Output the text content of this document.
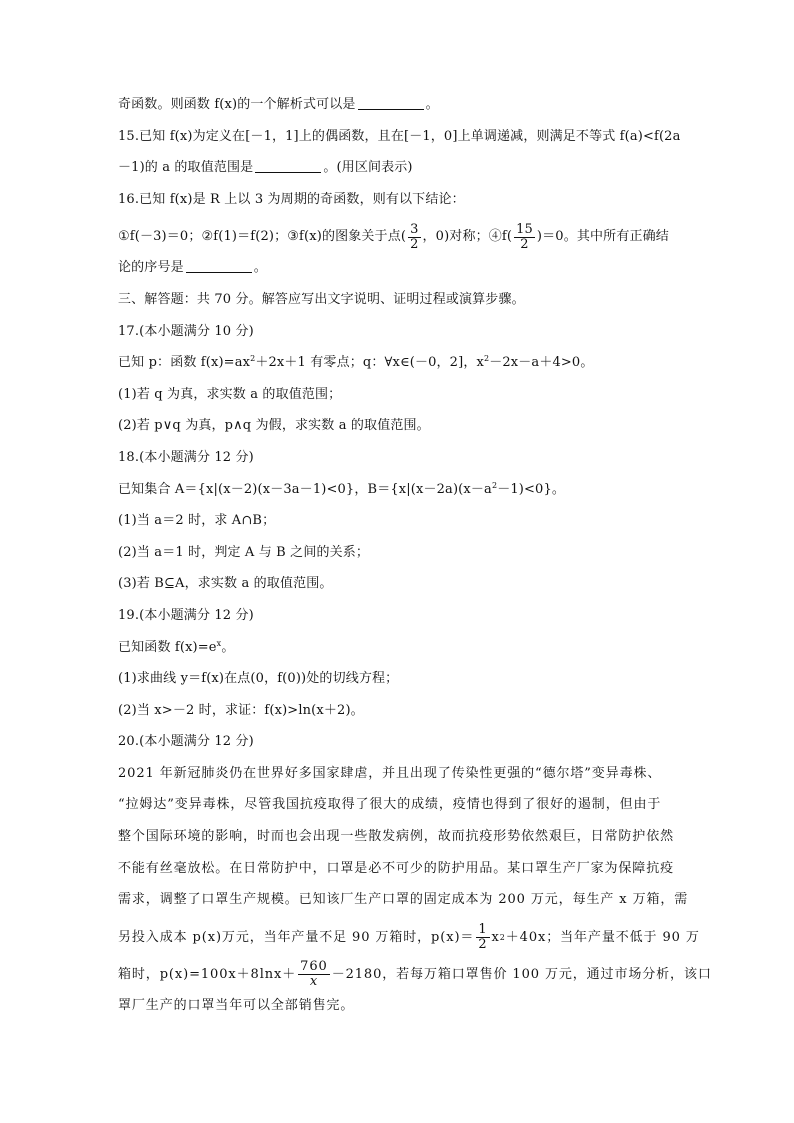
奇函数。则函数 f(x)的一个解析式可以是	。
15.已知 f(x)为定义在[－1，1]上的偶函数，且在[－1，0]上单调递减，则满足不等式 f(a)<f(2a
－1)的 a 的取值范围是	。(用区间表示)
16.已知 f(x)是 R 上以 3 为周期的奇函数，则有以下结论：
①f(－3)＝0；②f(1)＝f(2)；③f(x)的图象关于点( $\frac{3}{2}$ ，0)对称；④f( $\frac{15}{2} )=0$。其中所有正确结
论的序号是	。
三、解答题：共 70 分。解答应写出文字说明、证明过程或演算步骤。
17.(本小题满分 10 分)
已知 p：函数 $f(x)=ax^2+2x+1$ 有零点；q：∀x∈(－0，2]，$x^2-2x-a+4>0$。
(1)若 q 为真，求实数 a 的取值范围；
(2)若 p∨q 为真，p∧q 为假，求实数 a 的取值范围。
18.(本小题满分 12 分)
已知集合 A＝{x|(x－2)(x－3a－1)<0}，$B=\{x|(x-2a)(x-a^2-1)<0\}$。
(1)当 a＝2 时，求 A∩B；
(2)当 a＝1 时，判定 A 与 B 之间的关系；
(3)若 B⊆A，求实数 a 的取值范围。
19.(本小题满分 12 分)
已知函数 $f(x)=e^x$。
(1)求曲线 y＝f(x)在点(0，f(0))处的切线方程；
(2)当 x>－2 时，求证：f(x)>ln(x＋2)。
20.(本小题满分 12 分)
2021 年新冠肺炎仍在世界好多国家肆虐，并且出现了传染性更强的“德尔塔”变异毒株、
“拉姆达”变异毒株，尽管我国抗疫取得了很大的成绩，疫情也得到了很好的遏制，但由于
整个国际环境的影响，时而也会出现一些散发病例，故而抗疫形势依然艰巨，日常防护依然
不能有丝毫放松。在日常防护中，口罩是必不可少的防护用品。某口罩生产厂家为保障抗疫
需求，调整了口罩生产规模。已知该厂生产口罩的固定成本为 200 万元，每生产 x 万箱，需
另投入成本 p(x)万元，当年产量不足 90 万箱时，$p(x)= \frac{1}{2}$ x 2 ＋40x；当年产量不低于 90 万
箱时，$p(x)=100x+8\ln x+ \frac{760}{x} -2180$，若每万箱口罩售价 100 万元，通过市场分析，该口
罩厂生产的口罩当年可以全部销售完。
